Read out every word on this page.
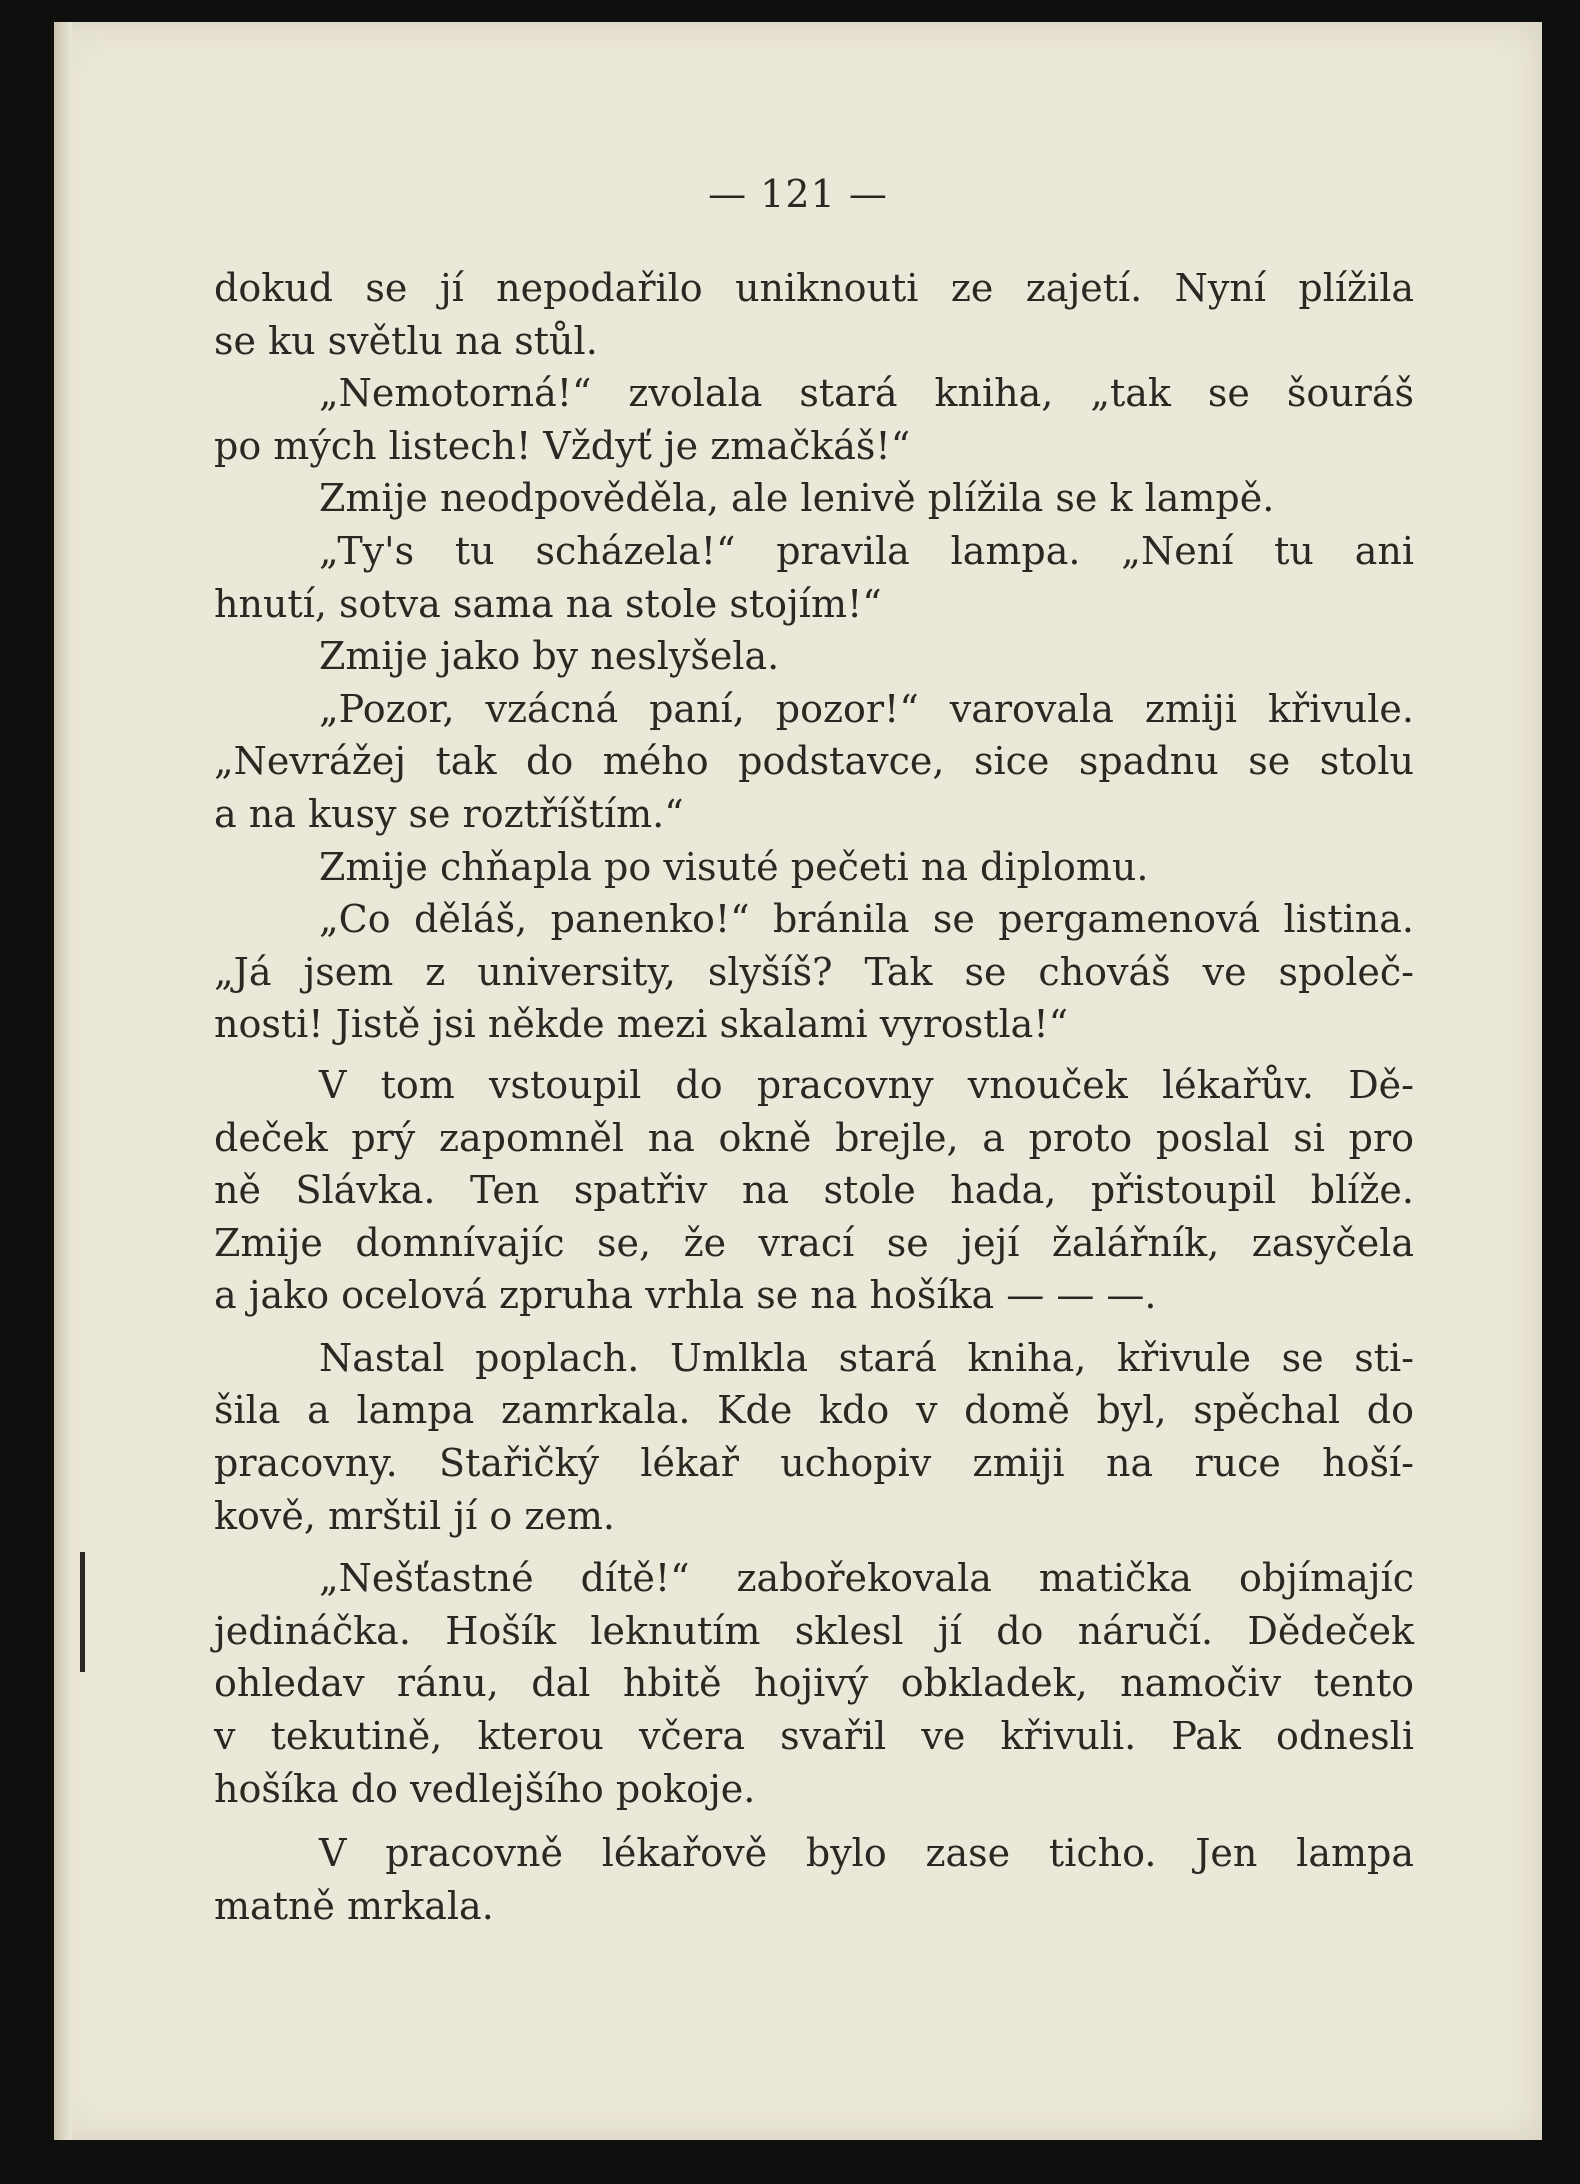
— 121 —
dokud se jí nepodařilo uniknouti ze zajetí. Nyní plížila
se ku světlu na stůl.
„Nemotorná!“ zvolala stará kniha, „tak se šouráš
po mých listech! Vždyť je zmačkáš!“
Zmije neodpověděla, ale lenivě plížila se k lampě.
„Ty's tu scházela!“ pravila lampa. „Není tu ani
hnutí, sotva sama na stole stojím!“
Zmije jako by neslyšela.
„Pozor, vzácná paní, pozor!“ varovala zmiji křivule.
„Nevrážej tak do mého podstavce, sice spadnu se stolu
a na kusy se roztříštím.“
Zmije chňapla po visuté pečeti na diplomu.
„Co děláš, panenko!“ bránila se pergamenová listina.
„Já jsem z university, slyšíš? Tak se chováš ve společ-
nosti! Jistě jsi někde mezi skalami vyrostla!“
V tom vstoupil do pracovny vnouček lékařův. Dě-
deček prý zapomněl na okně brejle, a proto poslal si pro
ně Slávka. Ten spatřiv na stole hada, přistoupil blíže.
Zmije domnívajíc se, že vrací se její žalářník, zasyčela
a jako ocelová zpruha vrhla se na hošíka — — —.
Nastal poplach. Umlkla stará kniha, křivule se sti-
šila a lampa zamrkala. Kde kdo v domě byl, spěchal do
pracovny. Stařičký lékař uchopiv zmiji na ruce hoší-
kově, mrštil jí o zem.
„Nešťastné dítě!“ zabořekovala matička objímajíc
jedináčka. Hošík leknutím sklesl jí do náručí. Dědeček
ohledav ránu, dal hbitě hojivý obkladek, namočiv tento
v tekutině, kterou včera svařil ve křivuli. Pak odnesli
hošíka do vedlejšího pokoje.
V pracovně lékařově bylo zase ticho. Jen lampa
matně mrkala.
